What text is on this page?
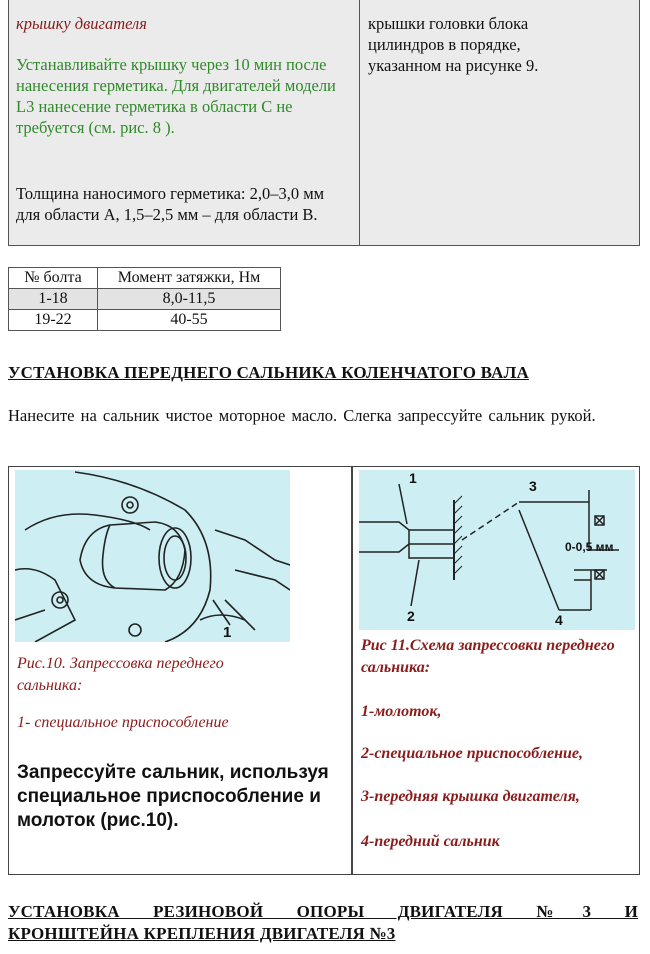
крышку двигателя
Устанавливайте крышку через 10 мин после нанесения герметика. Для двигателей модели L3 нанесение герметика в области С не требуется (см. рис. 8 ).
Толщина наносимого герметика: 2,0–3,0 мм для области А, 1,5–2,5 мм – для области В.
крышки головки блока цилиндров в порядке, указанном на рисунке 9.
№ болта	Момент затяжки, Нм
1-18	8,0-11,5
19-22	40-55
УСТАНОВКА ПЕРЕДНЕГО САЛЬНИКА КОЛЕНЧАТОГО ВАЛА
Нанесите на сальник чистое моторное масло. Слегка запрессуйте сальник рукой.
1
Рис.10. Запрессовка переднего сальника:
1- специальное приспособление
Запрессуйте сальник, используя специальное приспособление и молоток (рис.10).
1
2
3
4
0-0,5 мм
Рис 11.Схема запрессовки переднего сальника:
1-молоток,
2-специальное приспособление,
3-передняя крышка двигателя,
4-передний сальник
УСТАНОВКА РЕЗИНОВОЙ ОПОРЫ ДВИГАТЕЛЯ №3 И
КРОНШТЕЙНА КРЕПЛЕНИЯ ДВИГАТЕЛЯ №3
